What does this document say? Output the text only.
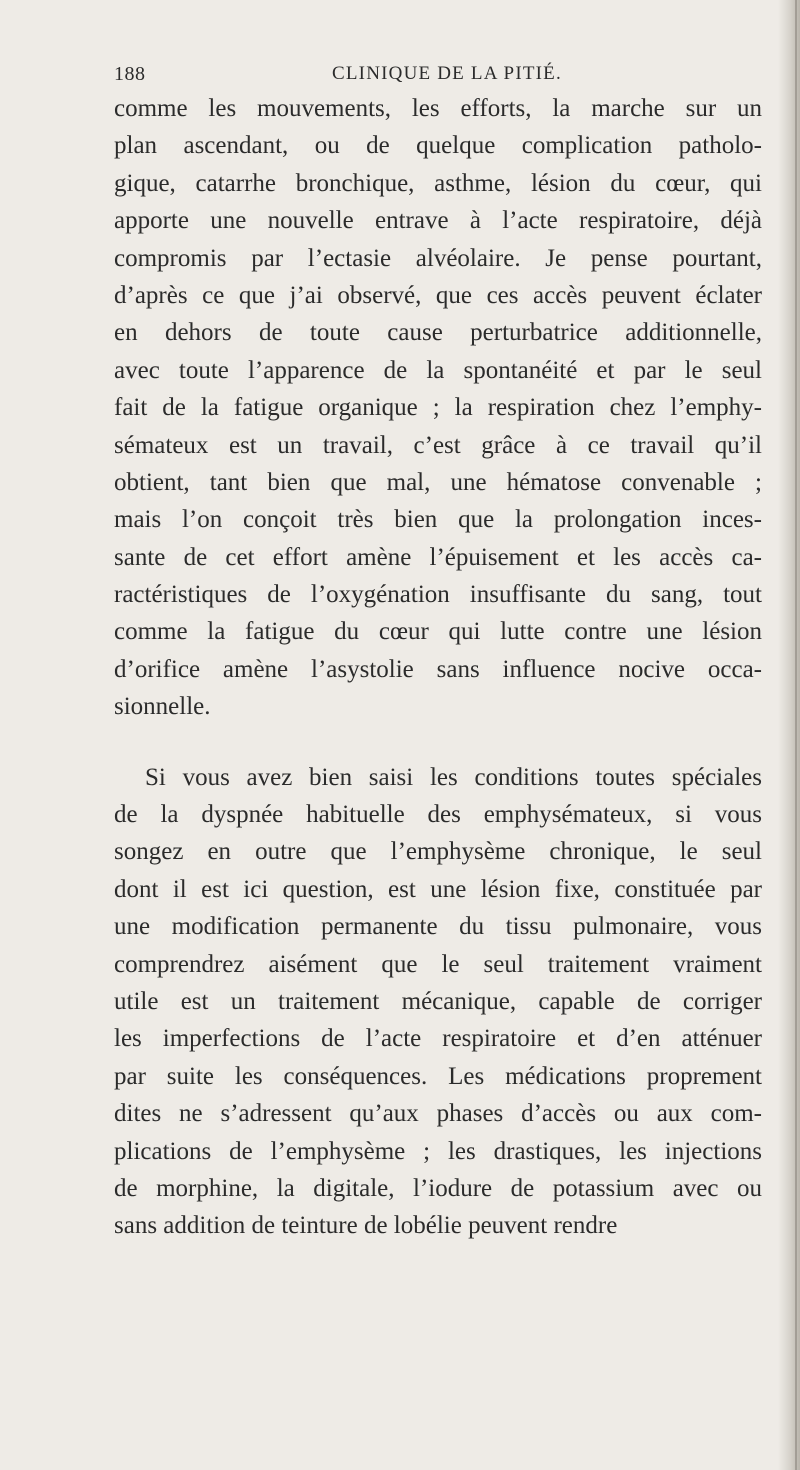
188	CLINIQUE DE LA PITIÉ.
comme les mouvements, les efforts, la marche sur un
plan ascendant, ou de quelque complication patholo-
gique, catarrhe bronchique, asthme, lésion du cœur, qui
apporte une nouvelle entrave à l’acte respiratoire, déjà
compromis par l’ectasie alvéolaire. Je pense pourtant,
d’après ce que j’ai observé, que ces accès peuvent éclater
en dehors de toute cause perturbatrice additionnelle,
avec toute l’apparence de la spontanéité et par le seul
fait de la fatigue organique ; la respiration chez l’emphy-
sémateux est un travail, c’est grâce à ce travail qu’il
obtient, tant bien que mal, une hématose convenable ;
mais l’on conçoit très bien que la prolongation inces-
sante de cet effort amène l’épuisement et les accès ca-
ractéristiques de l’oxygénation insuffisante du sang, tout
comme la fatigue du cœur qui lutte contre une lésion
d’orifice amène l’asystolie sans influence nocive occa-
sionnelle.
Si vous avez bien saisi les conditions toutes spéciales
de la dyspnée habituelle des emphysémateux, si vous
songez en outre que l’emphysème chronique, le seul
dont il est ici question, est une lésion fixe, constituée par
une modification permanente du tissu pulmonaire, vous
comprendrez aisément que le seul traitement vraiment
utile est un traitement mécanique, capable de corriger
les imperfections de l’acte respiratoire et d’en atténuer
par suite les conséquences. Les médications proprement
dites ne s’adressent qu’aux phases d’accès ou aux com-
plications de l’emphysème ; les drastiques, les injections
de morphine, la digitale, l’iodure de potassium avec ou
sans addition de teinture de lobélie peuvent rendre
